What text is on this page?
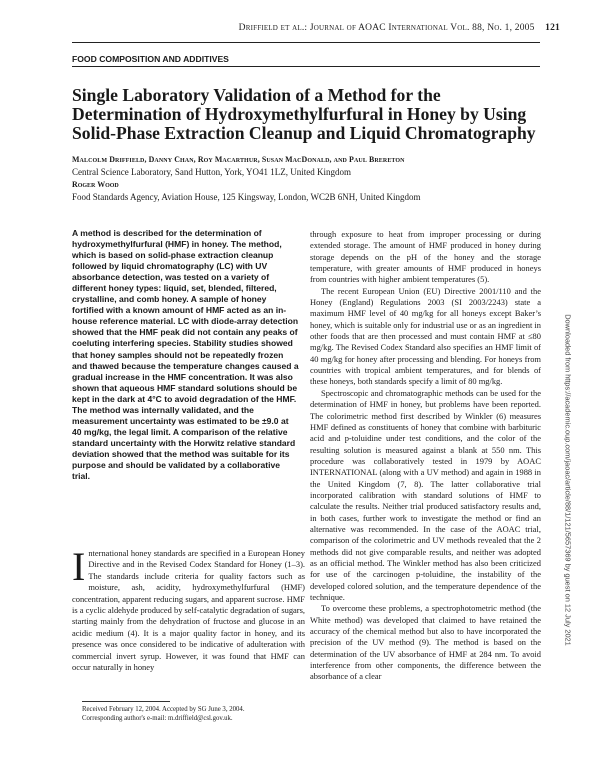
Driffield et al.: Journal of AOAC International Vol. 88, No. 1, 2005 121
FOOD COMPOSITION AND ADDITIVES
Single Laboratory Validation of a Method for the Determination of Hydroxymethylfurfural in Honey by Using Solid-Phase Extraction Cleanup and Liquid Chromatography
Malcolm Driffield, Danny Chan, Roy Macarthur, Susan MacDonald, and Paul Brereton
Central Science Laboratory, Sand Hutton, York, YO41 1LZ, United Kingdom
Roger Wood
Food Standards Agency, Aviation House, 125 Kingsway, London, WC2B 6NH, United Kingdom

A method is described for the determination of hydroxymethylfurfural (HMF) in honey. The method, which is based on solid-phase extraction cleanup followed by liquid chromatography (LC) with UV absorbance detection, was tested on a variety of different honey types: liquid, set, blended, filtered, crystalline, and comb honey. A sample of honey fortified with a known amount of HMF acted as an in-house reference material. LC with diode-array detection showed that the HMF peak did not contain any peaks of coeluting interfering species. Stability studies showed that honey samples should not be repeatedly frozen and thawed because the temperature changes caused a gradual increase in the HMF concentration. It was also shown that aqueous HMF standard solutions should be kept in the dark at 4°C to avoid degradation of the HMF. The method was internally validated, and the measurement uncertainty was estimated to be ±9.0 at 40 mg/kg, the legal limit. A comparison of the relative standard uncertainty with the Horwitz relative standard deviation showed that the method was suitable for its purpose and should be validated by a collaborative trial.

International honey standards are specified in a European Honey Directive and in the Revised Codex Standard for Honey (1–3). The standards include criteria for quality factors such as moisture, ash, acidity, hydroxymethylfurfural (HMF) concentration, apparent reducing sugars, and apparent sucrose. HMF is a cyclic aldehyde produced by self-catalytic degradation of sugars, starting mainly from the dehydration of fructose and glucose in an acidic medium (4). It is a major quality factor in honey, and its presence was once considered to be indicative of adulteration with commercial invert syrup. However, it was found that HMF can occur naturally in honey
Received February 12, 2004. Accepted by SG June 3, 2004.
Corresponding author's e-mail: m.driffield@csl.gov.uk.

through exposure to heat from improper processing or during extended storage. The amount of HMF produced in honey during storage depends on the pH of the honey and the storage temperature, with greater amounts of HMF produced in honeys from countries with higher ambient temperatures (5).

The recent European Union (EU) Directive 2001/110 and the Honey (England) Regulations 2003 (SI 2003/2243) state a maximum HMF level of 40 mg/kg for all honeys except Baker’s honey, which is suitable only for industrial use or as an ingredient in other foods that are then processed and must contain HMF at ≤80 mg/kg. The Revised Codex Standard also specifies an HMF limit of 40 mg/kg for honey after processing and blending. For honeys from countries with tropical ambient temperatures, and for blends of these honeys, both standards specify a limit of 80 mg/kg.

Spectroscopic and chromatographic methods can be used for the determination of HMF in honey, but problems have been reported. The colorimetric method first described by Winkler (6) measures HMF defined as constituents of honey that combine with barbituric acid and p-toluidine under test conditions, and the color of the resulting solution is measured against a blank at 550 nm. This procedure was collaboratively tested in 1979 by AOAC INTERNATIONAL (along with a UV method) and again in 1988 in the United Kingdom (7, 8). The latter collaborative trial incorporated calibration with standard solutions of HMF to calculate the results. Neither trial produced satisfactory results and, in both cases, further work to investigate the method or find an alternative was recommended. In the case of the AOAC trial, comparison of the colorimetric and UV methods revealed that the 2 methods did not give comparable results, and neither was adopted as an official method. The Winkler method has also been criticized for use of the carcinogen p-toluidine, the instability of the developed colored solution, and the temperature dependence of the technique.

To overcome these problems, a spectrophotometric method (the White method) was developed that claimed to have retained the accuracy of the chemical method but also to have incorporated the precision of the UV method (9). The method is based on the determination of the UV absorbance of HMF at 284 nm. To avoid interference from other components, the difference between the absorbance of a clear

Downloaded from https://academic.oup.com/jaoac/article/88/1/121/5657369 by guest on 12 July 2021
